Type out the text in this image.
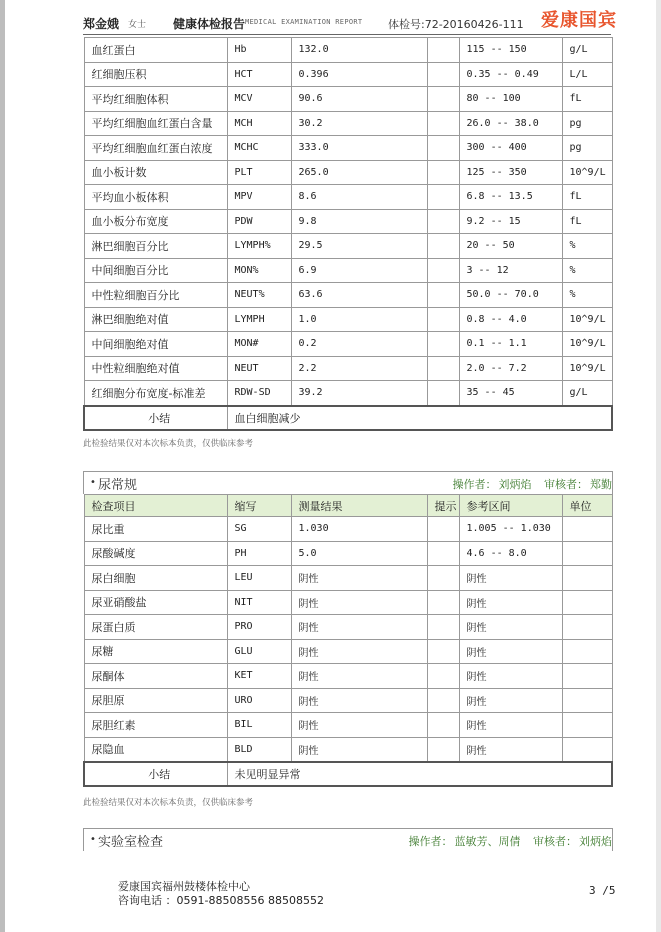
郑金娥 女士 健康体检报告 MEDICAL EXAMINATION REPORT 体检号:72-20160426-111 爱康国宾
血红蛋白	Hb	132.0		115 -- 150	g/L
红细胞压积	HCT	0.396		0.35 -- 0.49	L/L
平均红细胞体积	MCV	90.6		80 -- 100	fL
平均红细胞血红蛋白含量	MCH	30.2		26.0 -- 38.0	pg
平均红细胞血红蛋白浓度	MCHC	333.0		300 -- 400	pg
血小板计数	PLT	265.0		125 -- 350	10^9/L
平均血小板体积	MPV	8.6		6.8 -- 13.5	fL
血小板分布宽度	PDW	9.8		9.2 -- 15	fL
淋巴细胞百分比	LYMPH%	29.5		20 -- 50	%
中间细胞百分比	MON%	6.9		3 -- 12	%
中性粒细胞百分比	NEUT%	63.6		50.0 -- 70.0	%
淋巴细胞绝对值	LYMPH	1.0		0.8 -- 4.0	10^9/L
中间细胞绝对值	MON#	0.2		0.1 -- 1.1	10^9/L
中性粒细胞绝对值	NEUT	2.2		2.0 -- 7.2	10^9/L
红细胞分布宽度-标准差	RDW-SD	39.2		35 -- 45	g/L
小结	血白细胞减少				
此检验结果仅对本次标本负责，仅供临床参考
• 尿常规	操作者： 刘炳焰 审核者： 郑勤
检查项目	缩写	测量结果	提示	参考区间	单位
尿比重	SG	1.030		1.005 -- 1.030	
尿酸碱度	PH	5.0		4.6 -- 8.0	
尿白细胞	LEU	阴性		阴性	
尿亚硝酸盐	NIT	阴性		阴性	
尿蛋白质	PRO	阴性		阴性	
尿糖	GLU	阴性		阴性	
尿酮体	KET	阴性		阴性	
尿胆原	URO	阴性		阴性	
尿胆红素	BIL	阴性		阴性	
尿隐血	BLD	阴性		阴性	
小结	未见明显异常				
此检验结果仅对本次标本负责，仅供临床参考
• 实验室检查	操作者： 蓝敏芳、周倩 审核者： 刘炳焰
爱康国宾福州鼓楼体检中心
咨询电话 ：0591-88508556 88508552
3 /5
